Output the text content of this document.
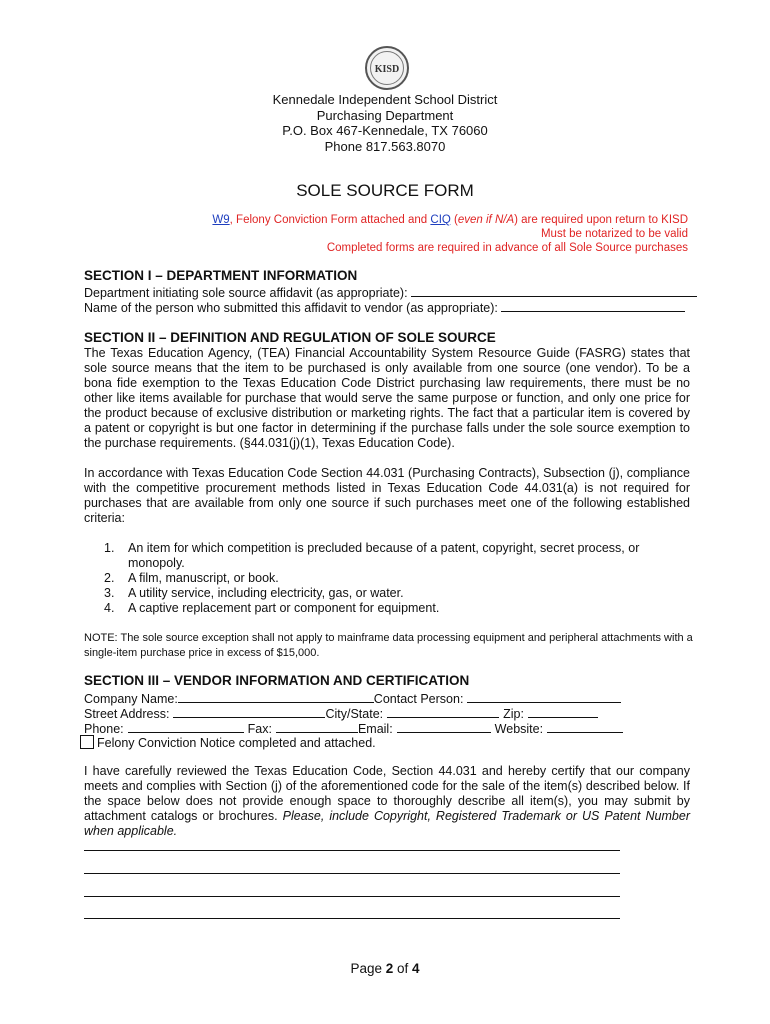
KISD
Kennedale Independent School District
Purchasing Department
P.O. Box 467‑Kennedale, TX 76060
Phone 817.563.8070
SOLE SOURCE FORM
W9, Felony Conviction Form attached and CIQ (even if N/A) are required upon return to KISD
Must be notarized to be valid
Completed forms are required in advance of all Sole Source purchases
SECTION I – DEPARTMENT INFORMATION
Department initiating sole source affidavit (as appropriate):
Name of the person who submitted this affidavit to vendor (as appropriate):
SECTION II – DEFINITION AND REGULATION OF SOLE SOURCE
The Texas Education Agency, (TEA) Financial Accountability System Resource Guide (FASRG) states that sole source means that the item to be purchased is only available from one source (one vendor). To be a bona fide exemption to the Texas Education Code District purchasing law requirements, there must be no other like items available for purchase that would serve the same purpose or function, and only one price for the product because of exclusive distribution or marketing rights. The fact that a particular item is covered by a patent or copyright is but one factor in determining if the purchase falls under the sole source exemption to the purchase requirements. (§44.031(j)(1), Texas Education Code).
In accordance with Texas Education Code Section 44.031 (Purchasing Contracts), Subsection (j), compliance with the competitive procurement methods listed in Texas Education Code 44.031(a) is not required for purchases that are available from only one source if such purchases meet one of the following established criteria:
1.	An item for which competition is precluded because of a patent, copyright, secret process, or monopoly.
2.	A film, manuscript, or book.
3.	A utility service, including electricity, gas, or water.
4.	A captive replacement part or component for equipment.
NOTE: The sole source exception shall not apply to mainframe data processing equipment and peripheral attachments with a single-item purchase price in excess of $15,000.
SECTION III – VENDOR INFORMATION AND CERTIFICATION
Company Name:	Contact Person:
Street Address:	City/State:	Zip:
Phone:	Fax:	Email:	Website:
Felony Conviction Notice completed and attached.
I have carefully reviewed the Texas Education Code, Section 44.031 and hereby certify that our company meets and complies with Section (j) of the aforementioned code for the sale of the item(s) described below. If the space below does not provide enough space to thoroughly describe all item(s), you may submit by attachment catalogs or brochures. Please, include Copyright, Registered Trademark or US Patent Number when applicable.
Page 2 of 4
